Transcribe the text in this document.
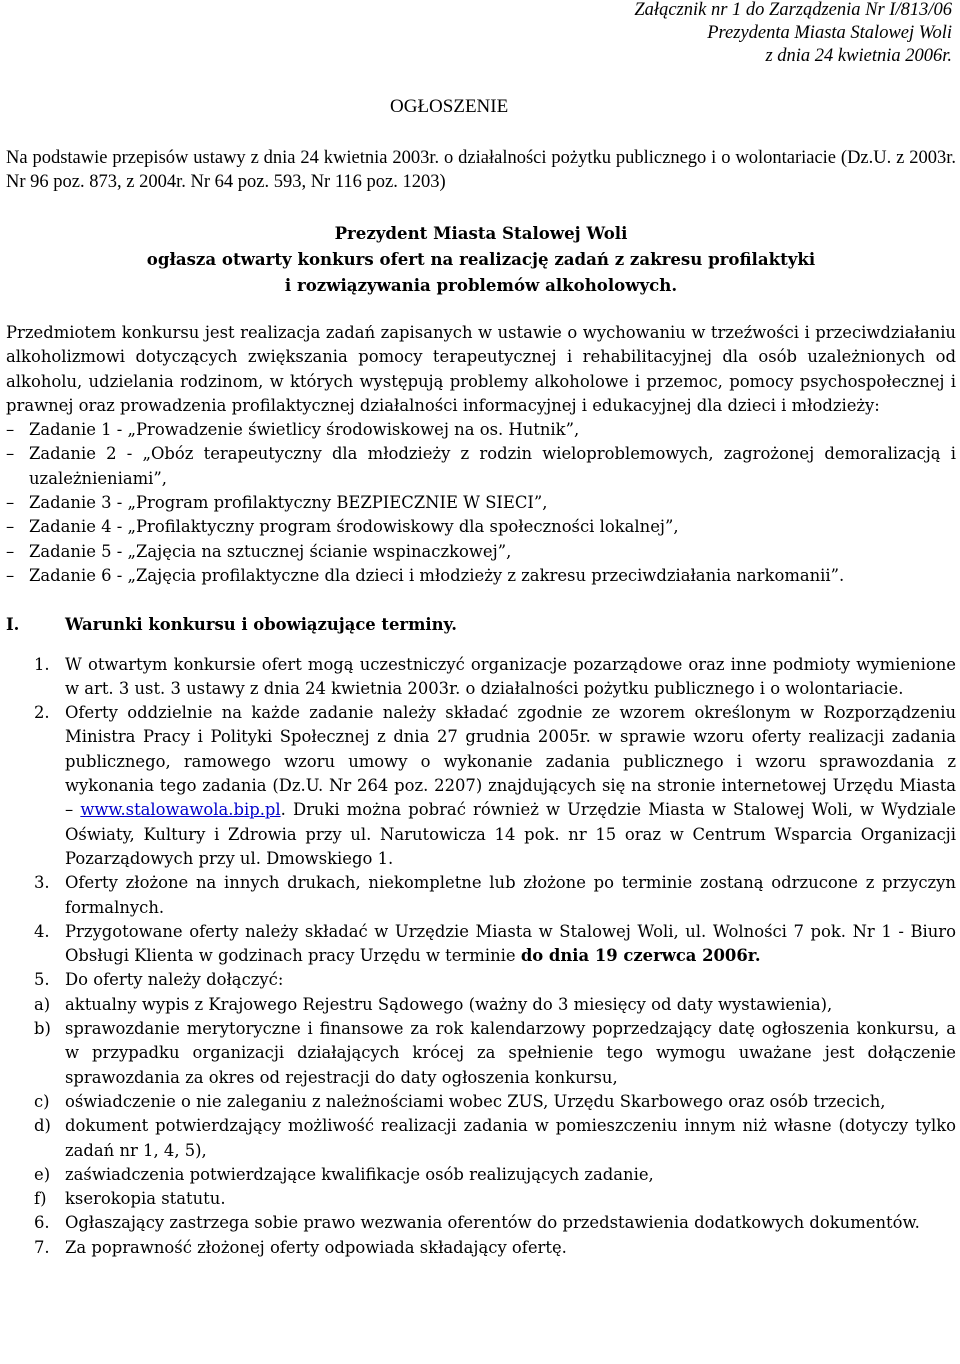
Załącznik nr 1 do Zarządzenia Nr I/813/06
Prezydenta Miasta Stalowej Woli
z dnia 24 kwietnia 2006r.
OGŁOSZENIE
Na podstawie przepisów ustawy z dnia 24 kwietnia 2003r. o działalności pożytku publicznego i o wolontariacie (Dz.U. z 2003r. Nr 96 poz. 873, z 2004r. Nr 64 poz. 593, Nr 116 poz. 1203)
Prezydent Miasta Stalowej Woli
ogłasza otwarty konkurs ofert na realizację zadań z zakresu profilaktyki
i rozwiązywania problemów alkoholowych.
Przedmiotem konkursu jest realizacja zadań zapisanych w ustawie o wychowaniu w trzeźwości i przeciwdziałaniu alkoholizmowi dotyczących zwiększania pomocy terapeutycznej i rehabilitacyjnej dla osób uzależnionych od alkoholu, udzielania rodzinom, w których występują problemy alkoholowe i przemoc, pomocy psychospołecznej i prawnej oraz prowadzenia profilaktycznej działalności informacyjnej i edukacyjnej dla dzieci i młodzieży:
– Zadanie 1 - „Prowadzenie świetlicy środowiskowej na os. Hutnik”,
– Zadanie 2 - „Obóz terapeutyczny dla młodzieży z rodzin wieloproblemowych, zagrożonej demoralizacją i uzależnieniami”,
– Zadanie 3 - „Program profilaktyczny BEZPIECZNIE W SIECI”,
– Zadanie 4 - „Profilaktyczny program środowiskowy dla społeczności lokalnej”,
– Zadanie 5 - „Zajęcia na sztucznej ścianie wspinaczkowej”,
– Zadanie 6 - „Zajęcia profilaktyczne dla dzieci i młodzieży z zakresu przeciwdziałania narkomanii”.
I.	Warunki konkursu i obowiązujące terminy.
1. W otwartym konkursie ofert mogą uczestniczyć organizacje pozarządowe oraz inne podmioty wymienione w art. 3 ust. 3 ustawy z dnia 24 kwietnia 2003r. o działalności pożytku publicznego i o wolontariacie.
2. Oferty oddzielnie na każde zadanie należy składać zgodnie ze wzorem określonym w Rozporządzeniu Ministra Pracy i Polityki Społecznej z dnia 27 grudnia 2005r. w sprawie wzoru oferty realizacji zadania publicznego, ramowego wzoru umowy o wykonanie zadania publicznego i wzoru sprawozdania z wykonania tego zadania (Dz.U. Nr 264 poz. 2207) znajdujących się na stronie internetowej Urzędu Miasta – www.stalowawola.bip.pl. Druki można pobrać również w Urzędzie Miasta w Stalowej Woli, w Wydziale Oświaty, Kultury i Zdrowia przy ul. Narutowicza 14 pok. nr 15 oraz w Centrum Wsparcia Organizacji Pozarządowych przy ul. Dmowskiego 1.
3. Oferty złożone na innych drukach, niekompletne lub złożone po terminie zostaną odrzucone z przyczyn formalnych.
4. Przygotowane oferty należy składać w Urzędzie Miasta w Stalowej Woli, ul. Wolności 7 pok. Nr 1 - Biuro Obsługi Klienta w godzinach pracy Urzędu w terminie do dnia 19 czerwca 2006r.
5. Do oferty należy dołączyć:
a) aktualny wypis z Krajowego Rejestru Sądowego (ważny do 3 miesięcy od daty wystawienia),
b) sprawozdanie merytoryczne i finansowe za rok kalendarzowy poprzedzający datę ogłoszenia konkursu, a w przypadku organizacji działających krócej za spełnienie tego wymogu uważane jest dołączenie sprawozdania za okres od rejestracji do daty ogłoszenia konkursu,
c) oświadczenie o nie zaleganiu z należnościami wobec ZUS, Urzędu Skarbowego oraz osób trzecich,
d) dokument potwierdzający możliwość realizacji zadania w pomieszczeniu innym niż własne (dotyczy tylko zadań nr 1, 4, 5),
e) zaświadczenia potwierdzające kwalifikacje osób realizujących zadanie,
f) kserokopia statutu.
6. Ogłaszający zastrzega sobie prawo wezwania oferentów do przedstawienia dodatkowych dokumentów.
7. Za poprawność złożonej oferty odpowiada składający ofertę.
